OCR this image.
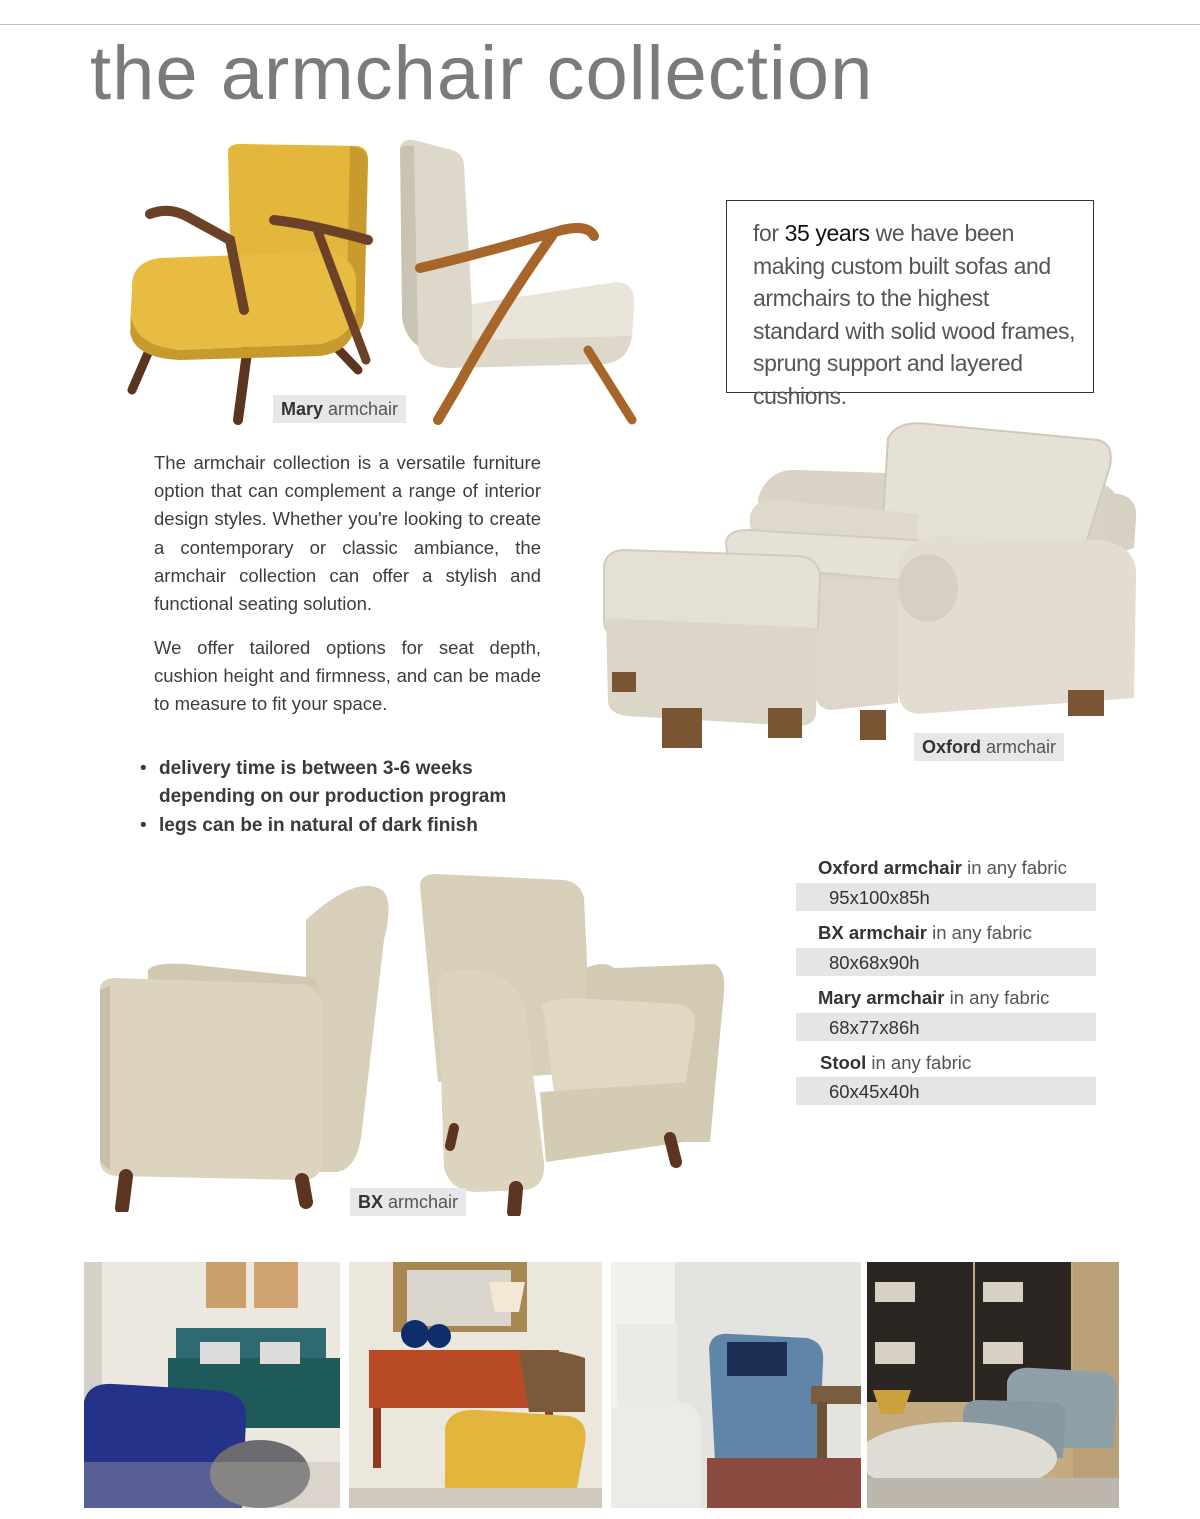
the armchair collection
Mary armchair
for 35 years we have been making custom built sofas and armchairs to the highest standard with solid wood frames, sprung support and layered cushions.

The armchair collection is a versatile furniture option that can complement a range of interior design styles. Whether you're looking to create a contemporary or classic ambiance, the armchair collection can offer a stylish and functional seating solution.

We offer tailored options for seat depth, cushion height and firmness, and can be made to measure to fit your space.

• delivery time is between 3-6 weeks depending on our production program
• legs can be in natural of dark finish
Oxford armchair
Oxford armchair in any fabric
95x100x85h
BX armchair in any fabric
80x68x90h
Mary armchair in any fabric
68x77x86h
Stool in any fabric
60x45x40h
BX armchair
